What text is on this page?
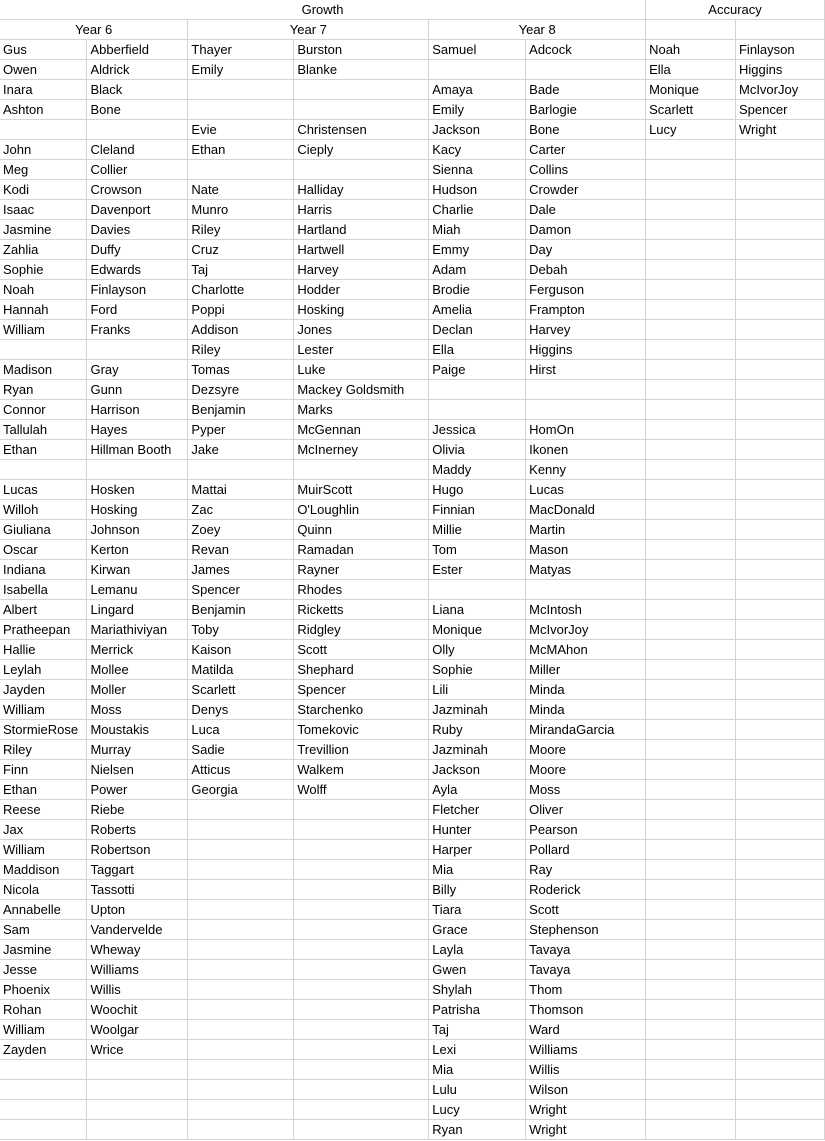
Growth						Accuracy	
Year 6		Year 7		Year 8			
Gus	Abberfield	Thayer	Burston	Samuel	Adcock	Noah	Finlayson
Owen	Aldrick	Emily	Blanke			Ella	Higgins
Inara	Black			Amaya	Bade	Monique	McIvorJoy
Ashton	Bone			Emily	Barlogie	Scarlett	Spencer
		Evie	Christensen	Jackson	Bone	Lucy	Wright
John	Cleland	Ethan	Cieply	Kacy	Carter		
Meg	Collier			Sienna	Collins		
Kodi	Crowson	Nate	Halliday	Hudson	Crowder		
Isaac	Davenport	Munro	Harris	Charlie	Dale		
Jasmine	Davies	Riley	Hartland	Miah	Damon		
Zahlia	Duffy	Cruz	Hartwell	Emmy	Day		
Sophie	Edwards	Taj	Harvey	Adam	Debah		
Noah	Finlayson	Charlotte	Hodder	Brodie	Ferguson		
Hannah	Ford	Poppi	Hosking	Amelia	Frampton		
William	Franks	Addison	Jones	Declan	Harvey		
		Riley	Lester	Ella	Higgins		
Madison	Gray	Tomas	Luke	Paige	Hirst		
Ryan	Gunn	Dezsyre	Mackey Goldsmith				
Connor	Harrison	Benjamin	Marks				
Tallulah	Hayes	Pyper	McGennan	Jessica	HomOn		
Ethan	Hillman Booth	Jake	McInerney	Olivia	Ikonen		
				Maddy	Kenny		
Lucas	Hosken	Mattai	MuirScott	Hugo	Lucas		
Willoh	Hosking	Zac	O'Loughlin	Finnian	MacDonald		
Giuliana	Johnson	Zoey	Quinn	Millie	Martin		
Oscar	Kerton	Revan	Ramadan	Tom	Mason		
Indiana	Kirwan	James	Rayner	Ester	Matyas		
Isabella	Lemanu	Spencer	Rhodes				
Albert	Lingard	Benjamin	Ricketts	Liana	McIntosh		
Pratheepan	Mariathiviyan	Toby	Ridgley	Monique	McIvorJoy		
Hallie	Merrick	Kaison	Scott	Olly	McMAhon		
Leylah	Mollee	Matilda	Shephard	Sophie	Miller		
Jayden	Moller	Scarlett	Spencer	Lili	Minda		
William	Moss	Denys	Starchenko	Jazminah	Minda		
StormieRose	Moustakis	Luca	Tomekovic	Ruby	MirandaGarcia		
Riley	Murray	Sadie	Trevillion	Jazminah	Moore		
Finn	Nielsen	Atticus	Walkem	Jackson	Moore		
Ethan	Power	Georgia	Wolff	Ayla	Moss		
Reese	Riebe			Fletcher	Oliver		
Jax	Roberts			Hunter	Pearson		
William	Robertson			Harper	Pollard		
Maddison	Taggart			Mia	Ray		
Nicola	Tassotti			Billy	Roderick		
Annabelle	Upton			Tiara	Scott		
Sam	Vandervelde			Grace	Stephenson		
Jasmine	Wheway			Layla	Tavaya		
Jesse	Williams			Gwen	Tavaya		
Phoenix	Willis			Shylah	Thom		
Rohan	Woochit			Patrisha	Thomson		
William	Woolgar			Taj	Ward		
Zayden	Wrice			Lexi	Williams		
				Mia	Willis		
				Lulu	Wilson		
				Lucy	Wright		
				Ryan	Wright		
